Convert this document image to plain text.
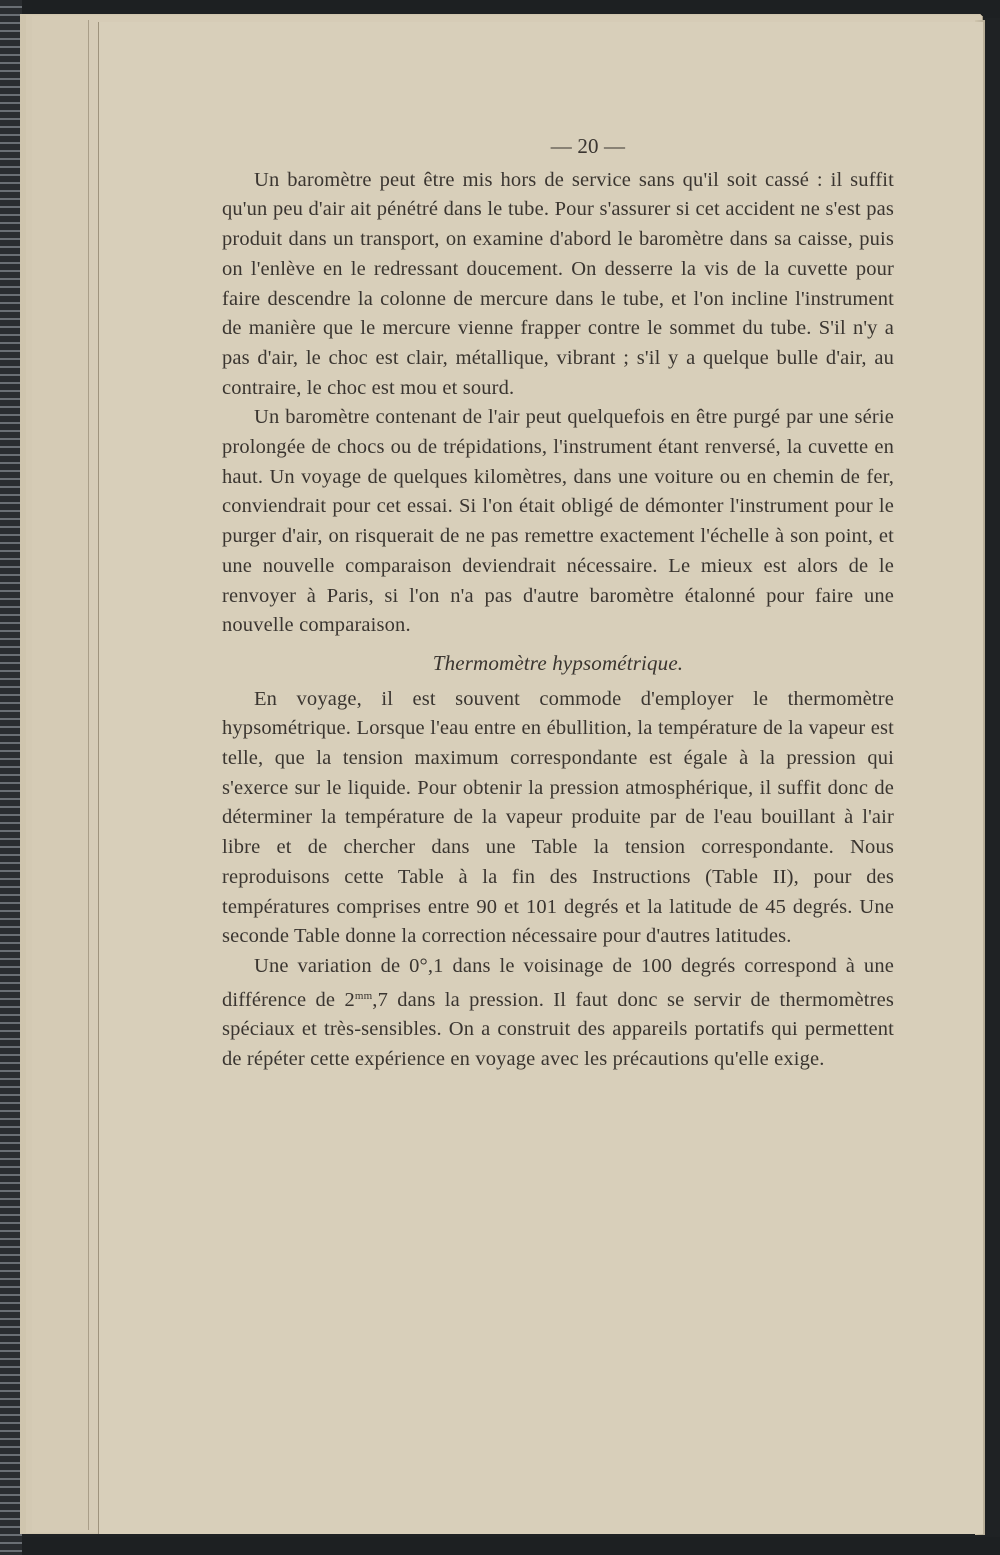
— 20 —

Un baromètre peut être mis hors de service sans qu'il soit cassé : il suffit qu'un peu d'air ait pénétré dans le tube. Pour s'assurer si cet accident ne s'est pas produit dans un transport, on examine d'abord le baromètre dans sa caisse, puis on l'enlève en le redressant doucement. On desserre la vis de la cuvette pour faire descendre la colonne de mercure dans le tube, et l'on incline l'instrument de manière que le mercure vienne frapper contre le sommet du tube. S'il n'y a pas d'air, le choc est clair, métallique, vibrant ; s'il y a quelque bulle d'air, au contraire, le choc est mou et sourd.

Un baromètre contenant de l'air peut quelquefois en être purgé par une série prolongée de chocs ou de trépidations, l'instrument étant renversé, la cuvette en haut. Un voyage de quelques kilomètres, dans une voiture ou en chemin de fer, conviendrait pour cet essai. Si l'on était obligé de démonter l'instrument pour le purger d'air, on risquerait de ne pas remettre exactement l'échelle à son point, et une nouvelle comparaison deviendrait nécessaire. Le mieux est alors de le renvoyer à Paris, si l'on n'a pas d'autre baromètre étalonné pour faire une nouvelle comparaison.

Thermomètre hypsométrique.

En voyage, il est souvent commode d'employer le thermomètre hypsométrique. Lorsque l'eau entre en ébullition, la température de la vapeur est telle, que la tension maximum correspondante est égale à la pression qui s'exerce sur le liquide. Pour obtenir la pression atmosphérique, il suffit donc de déterminer la température de la vapeur produite par de l'eau bouillant à l'air libre et de chercher dans une Table la tension correspondante. Nous reproduisons cette Table à la fin des Instructions (Table II), pour des températures comprises entre 90 et 101 degrés et la latitude de 45 degrés. Une seconde Table donne la correction nécessaire pour d'autres latitudes.

Une variation de 0°,1 dans le voisinage de 100 degrés correspond à une différence de $2^{mm},7$ dans la pression. Il faut donc se servir de thermomètres spéciaux et très-sensibles. On a construit des appareils portatifs qui permettent de répéter cette expérience en voyage avec les précautions qu'elle exige.
